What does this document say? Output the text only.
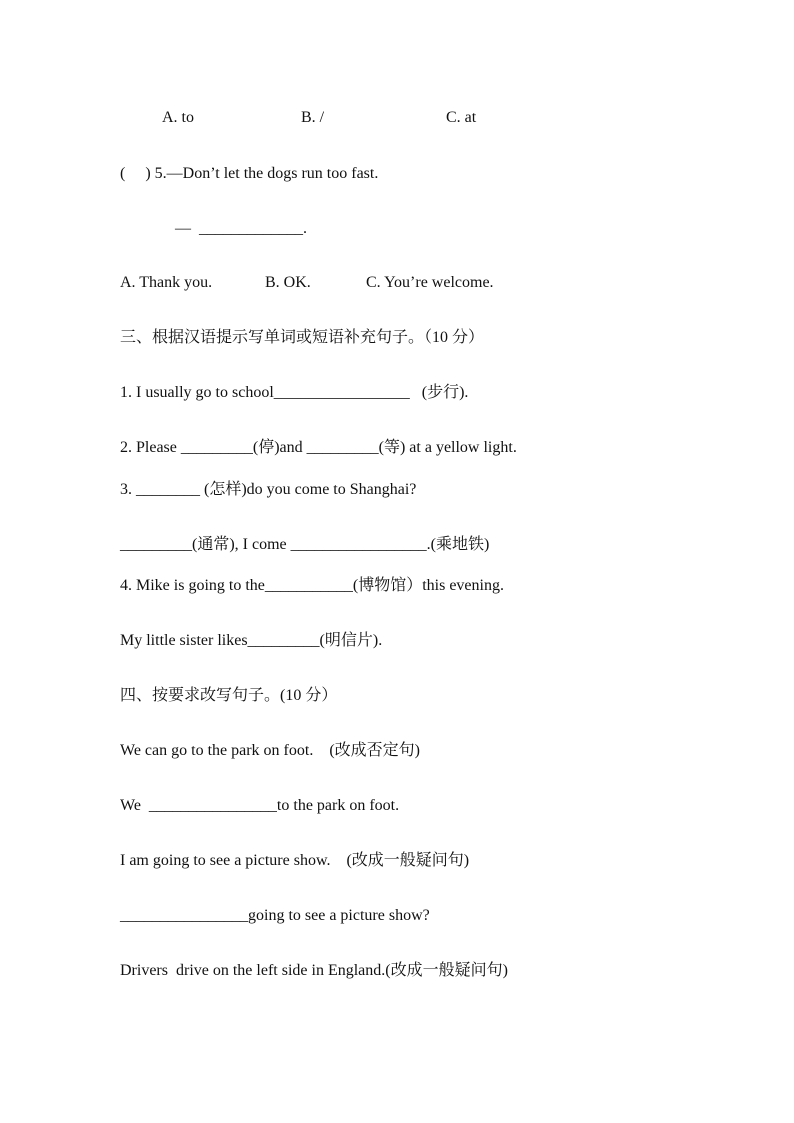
A. to	B. /	C. at
(     ) 5.—Don’t let the dogs run too fast.
—  _____________.
A. Thank you.	B. OK.	C. You’re welcome.
三、根据汉语提示写单词或短语补充句子。（10 分）
1. I usually go to school_________________   (步行).
2. Please _________(停)and _________(等) at a yellow light.
3. ________ (怎样)do you come to Shanghai?
_________(通常), I come _________________.(乘地铁)
4. Mike is going to the___________(博物馆）this evening.
My little sister likes_________(明信片).
四、按要求改写句子。(10 分）
We can go to the park on foot.    (改成否定句)
We  ________________to the park on foot.
I am going to see a picture show.    (改成一般疑问句)
________________going to see a picture show?
Drivers  drive on the left side in England.(改成一般疑问句)
